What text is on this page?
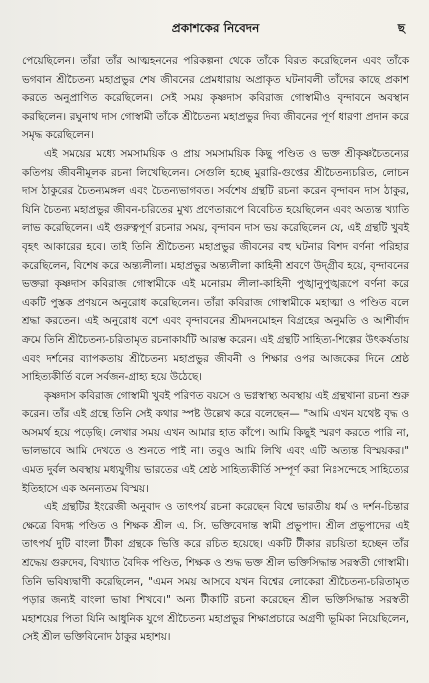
প্রকাশকের নিবেদন	ছ

পেয়েছিলেন। তাঁরা তাঁর আত্মহননের পরিকল্পনা থেকে তাঁকে বিরত করেছিলেন এবং তাঁকে ভগবান শ্রীচৈতন্য মহাপ্রভুর শেষ জীবনের প্রেমধারায় অপ্রাকৃত ঘটনাবলী তাঁদের কাছে প্রকাশ করতে অনুপ্রাণিত করেছিলেন। সেই সময় কৃষ্ণদাস কবিরাজ গোস্বামীও বৃন্দাবনে অবস্থান করছিলেন। রঘুনাথ দাস গোস্বামী তাঁকে শ্রীচৈতন্য মহাপ্রভুর দিব্য জীবনের পূর্ণ ধারণা প্রদান করে সমৃদ্ধ করেছিলেন।

এই সময়ের মধ্যে সমসাময়িক ও প্রায় সমসাময়িক কিছু পণ্ডিত ও ভক্ত শ্রীকৃষ্ণচৈতন্যের কতিপয় জীবনীমূলক রচনা লিখেছিলেন। সেগুলি হচ্ছে মুরারি-গুপ্তের শ্রীচৈতন্যচরিত, লোচন দাস ঠাকুরের চৈতন্যমঙ্গল এবং চৈতন্যভাগবত। সর্বশেষ গ্রন্থটি রচনা করেন বৃন্দাবন দাস ঠাকুর, যিনি চৈতন্য মহাপ্রভুর জীবন-চরিতের মুখ্য প্রণেতারূপে বিবেচিত হয়েছিলেন এবং অত্যন্ত খ্যাতি লাভ করেছিলেন। এই গুরুত্বপূর্ণ রচনার সময়, বৃন্দাবন দাস ভয় করেছিলেন যে, এই গ্রন্থটি খুবই বৃহৎ আকারের হবে। তাই তিনি শ্রীচৈতন্য মহাপ্রভুর জীবনের বহু ঘটনার বিশদ বর্ণনা পরিহার করেছিলেন, বিশেষ করে অন্ত্যলীলা। মহাপ্রভুর অন্ত্যলীলা কাহিনী শ্রবণে উদ্গ্রীব হয়ে, বৃন্দাবনের ভক্তরা কৃষ্ণদাস কবিরাজ গোস্বামীকে এই মনোরম লীলা-কাহিনী পুঙ্খানুপুঙ্খরূপে বর্ণনা করে একটি পুস্তক প্রণয়নে অনুরোধ করেছিলেন। তাঁরা কবিরাজ গোস্বামীকে মহাত্মা ও পণ্ডিত বলে শ্রদ্ধা করতেন। এই অনুরোধ বশে এবং বৃন্দাবনের শ্রীমদনমোহন বিগ্রহের অনুমতি ও আশীর্বাদ ক্রমে তিনি শ্রীচৈতন্য-চরিতামৃত রচনাকার্যটি আরম্ভ করেন। এই গ্রন্থটি সাহিত্য-শিল্পের উৎকর্ষতায় এবং দর্শনের ব্যাপকতায় শ্রীচৈতন্য মহাপ্রভুর জীবনী ও শিক্ষার ওপর আজকের দিনে শ্রেষ্ঠ সাহিত্যকীর্তি বলে সর্বজন-গ্রাহ্য হয়ে উঠেছে।

কৃষ্ণদাস কবিরাজ গোস্বামী খুবই পরিণত বয়সে ও ভগ্নস্বাস্থ্য অবস্থায় এই গ্রন্থখানা রচনা শুরু করেন। তাঁর এই গ্রন্থে তিনি সেই কথার স্পষ্ট উল্লেখ করে বলেছেন— "আমি এখন যথেষ্ট বৃদ্ধ ও অসমর্থ হয়ে পড়েছি। লেখার সময় এখন আমার হাত কাঁপে। আমি কিছুই স্মরণ করতে পারি না, ভালভাবে আমি দেখতে ও শুনতে পাই না। তবুও আমি লিখি এবং এটি অত্যন্ত বিস্ময়কর।" এমত দুর্বল অবস্থায় মধ্যযুগীয় ভারতের এই শ্রেষ্ঠ সাহিত্যকীর্তি সম্পূর্ণ করা নিঃসন্দেহে সাহিত্যের ইতিহাসে এক অনন্যতম বিস্ময়।

এই গ্রন্থটির ইংরেজী অনুবাদ ও তাৎপর্য রচনা করেছেন বিশ্বে ভারতীয় ধর্ম ও দর্শন-চিন্তার ক্ষেত্রে বিদগ্ধ পণ্ডিত ও শিক্ষক শ্রীল এ. সি. ভক্তিবেদান্ত স্বামী প্রভুপাদ। শ্রীল প্রভুপাদের এই তাৎপর্য দুটি বাংলা টীকা গ্রন্থকে ভিত্তি করে রচিত হয়েছে। একটি টীকার রচয়িতা হচ্ছেন তাঁর শ্রদ্ধেয় গুরুদেব, বিখ্যাত বৈদিক পণ্ডিত, শিক্ষক ও শুদ্ধ ভক্ত শ্রীল ভক্তিসিদ্ধান্ত সরস্বতী গোস্বামী। তিনি ভবিষ্যদ্বাণী করেছিলেন, "এমন সময় আসবে যখন বিশ্বের লোকেরা শ্রীচৈতন্য-চরিতামৃত পড়ার জন্যই বাংলা ভাষা শিখবে।" অন্য টীকাটি রচনা করেছেন শ্রীল ভক্তিসিদ্ধান্ত সরস্বতী মহাশয়ের পিতা যিনি আধুনিক যুগে শ্রীচৈতন্য মহাপ্রভুর শিক্ষাপ্রচারে অগ্রণী ভূমিকা নিয়েছিলেন, সেই শ্রীল ভক্তিবিনোদ ঠাকুর মহাশয়।
